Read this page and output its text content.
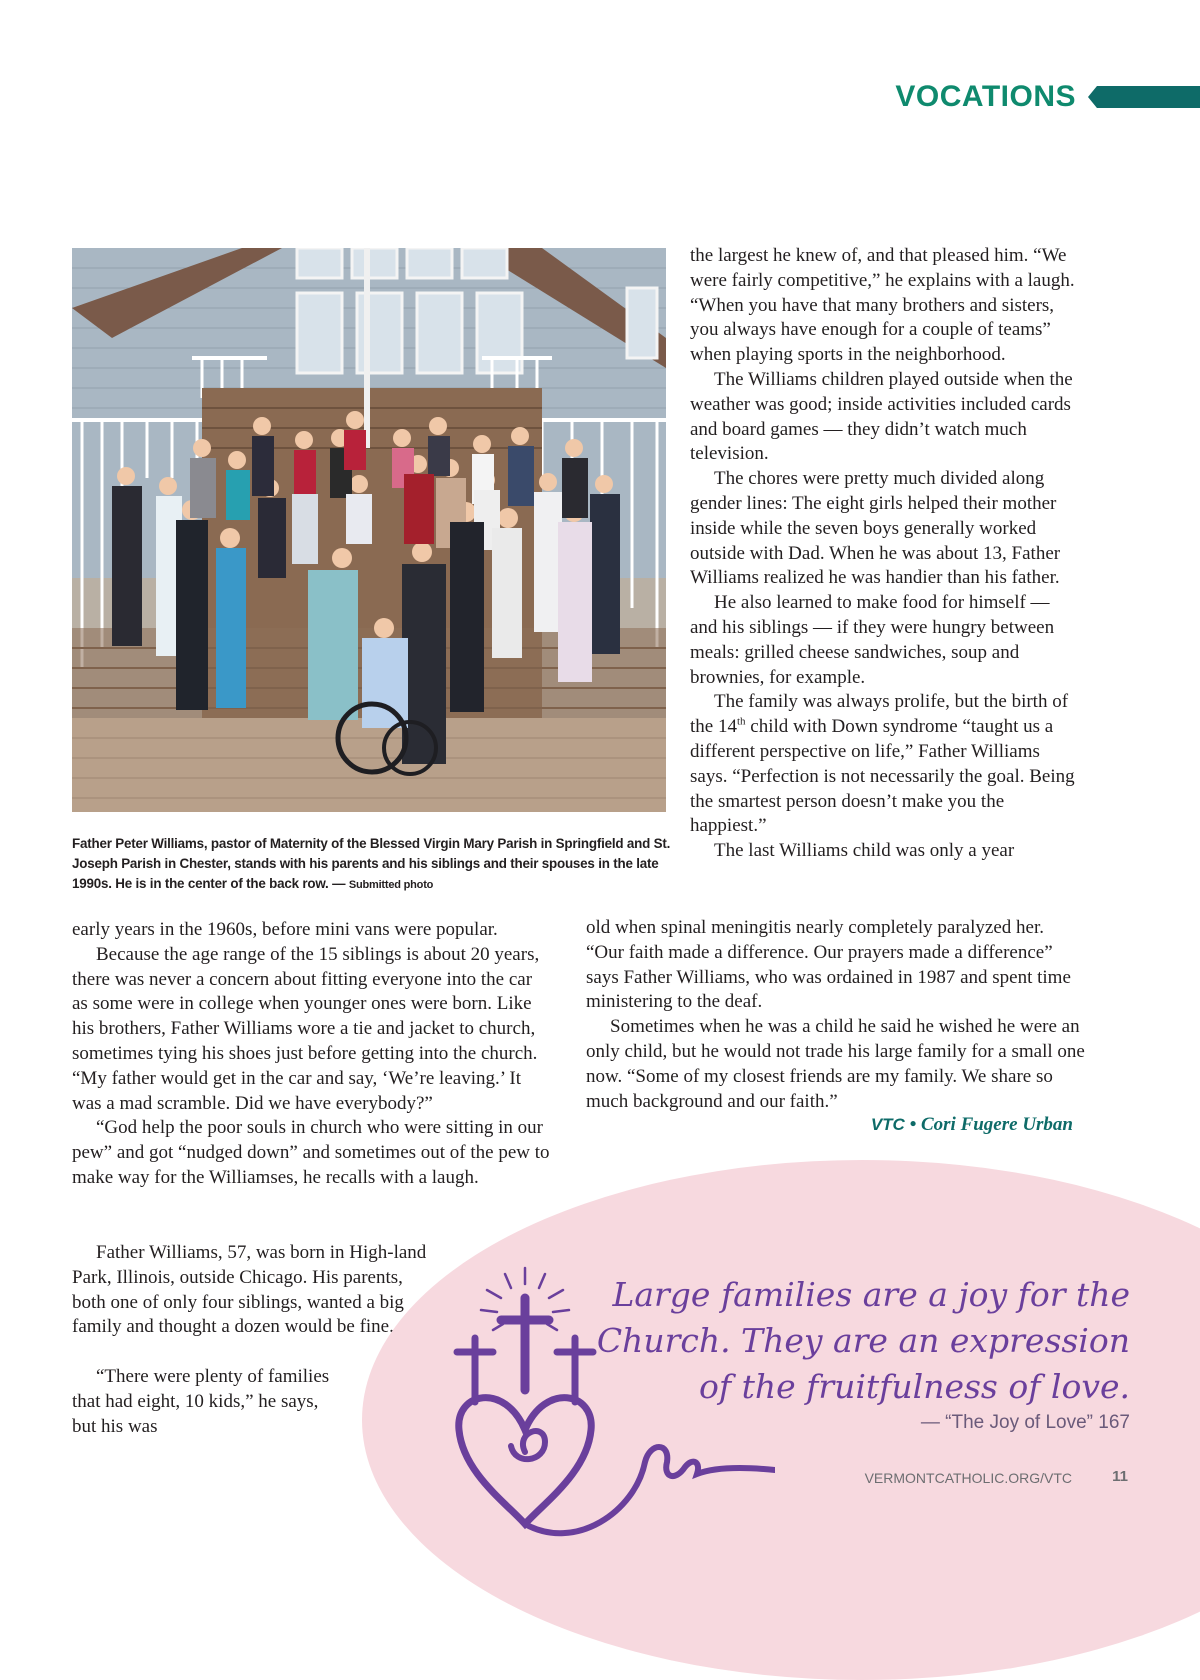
VOCATIONS
Father Peter Williams, pastor of Maternity of the Blessed Virgin Mary Parish in Springfield and St. Joseph Parish in Chester, stands with his parents and his siblings and their spouses in the late 1990s. He is in the center of the back row. — Submitted photo

early years in the 1960s, before mini vans were popular.

Because the age range of the 15 siblings is about 20 years, there was never a concern about fitting everyone into the car as some were in college when younger ones were born. Like his brothers, Father Williams wore a tie and jacket to church, sometimes tying his shoes just before getting into the church. “My father would get in the car and say, ‘We’re leaving.’ It was a mad scramble. Did we have everybody?”

“God help the poor souls in church who were sitting in our pew” and got “nudged down” and sometimes out of the pew to make way for the Williamses, he recalls with a laugh.

Father Williams, 57, was born in High-land Park, Illinois, outside Chicago. His parents, both one of only four siblings, wanted a big family and thought a dozen would be fine.

“There were plenty of families that had eight, 10 kids,” he says, but his was

the largest he knew of, and that pleased him. “We were fairly competitive,” he explains with a laugh. “When you have that many brothers and sisters, you always have enough for a couple of teams” when playing sports in the neighborhood.

The Williams children played outside when the weather was good; inside activities included cards and board games — they didn’t watch much television.

The chores were pretty much divided along gender lines: The eight girls helped their mother inside while the seven boys generally worked outside with Dad. When he was about 13, Father Williams realized he was handier than his father.

He also learned to make food for himself — and his siblings — if they were hungry between meals: grilled cheese sandwiches, soup and brownies, for example.

The family was always prolife, but the birth of the 14th child with Down syndrome “taught us a different perspective on life,” Father Williams says. “Perfection is not necessarily the goal. Being the smartest person doesn’t make you the happiest.”

The last Williams child was only a year

old when spinal meningitis nearly completely paralyzed her. “Our faith made a difference. Our prayers made a difference” says Father Williams, who was ordained in 1987 and spent time ministering to the deaf.

Sometimes when he was a child he said he wished he were an only child, but he would not trade his large family for a small one now. “Some of my closest friends are my family. We share so much background and our faith.”

VTC • Cori Fugere Urban
Large families are a joy for the
Church. They are an expression
of the fruitfulness of love.
— “The Joy of Love” 167
VERMONTCATHOLIC.ORG/VTC	11
